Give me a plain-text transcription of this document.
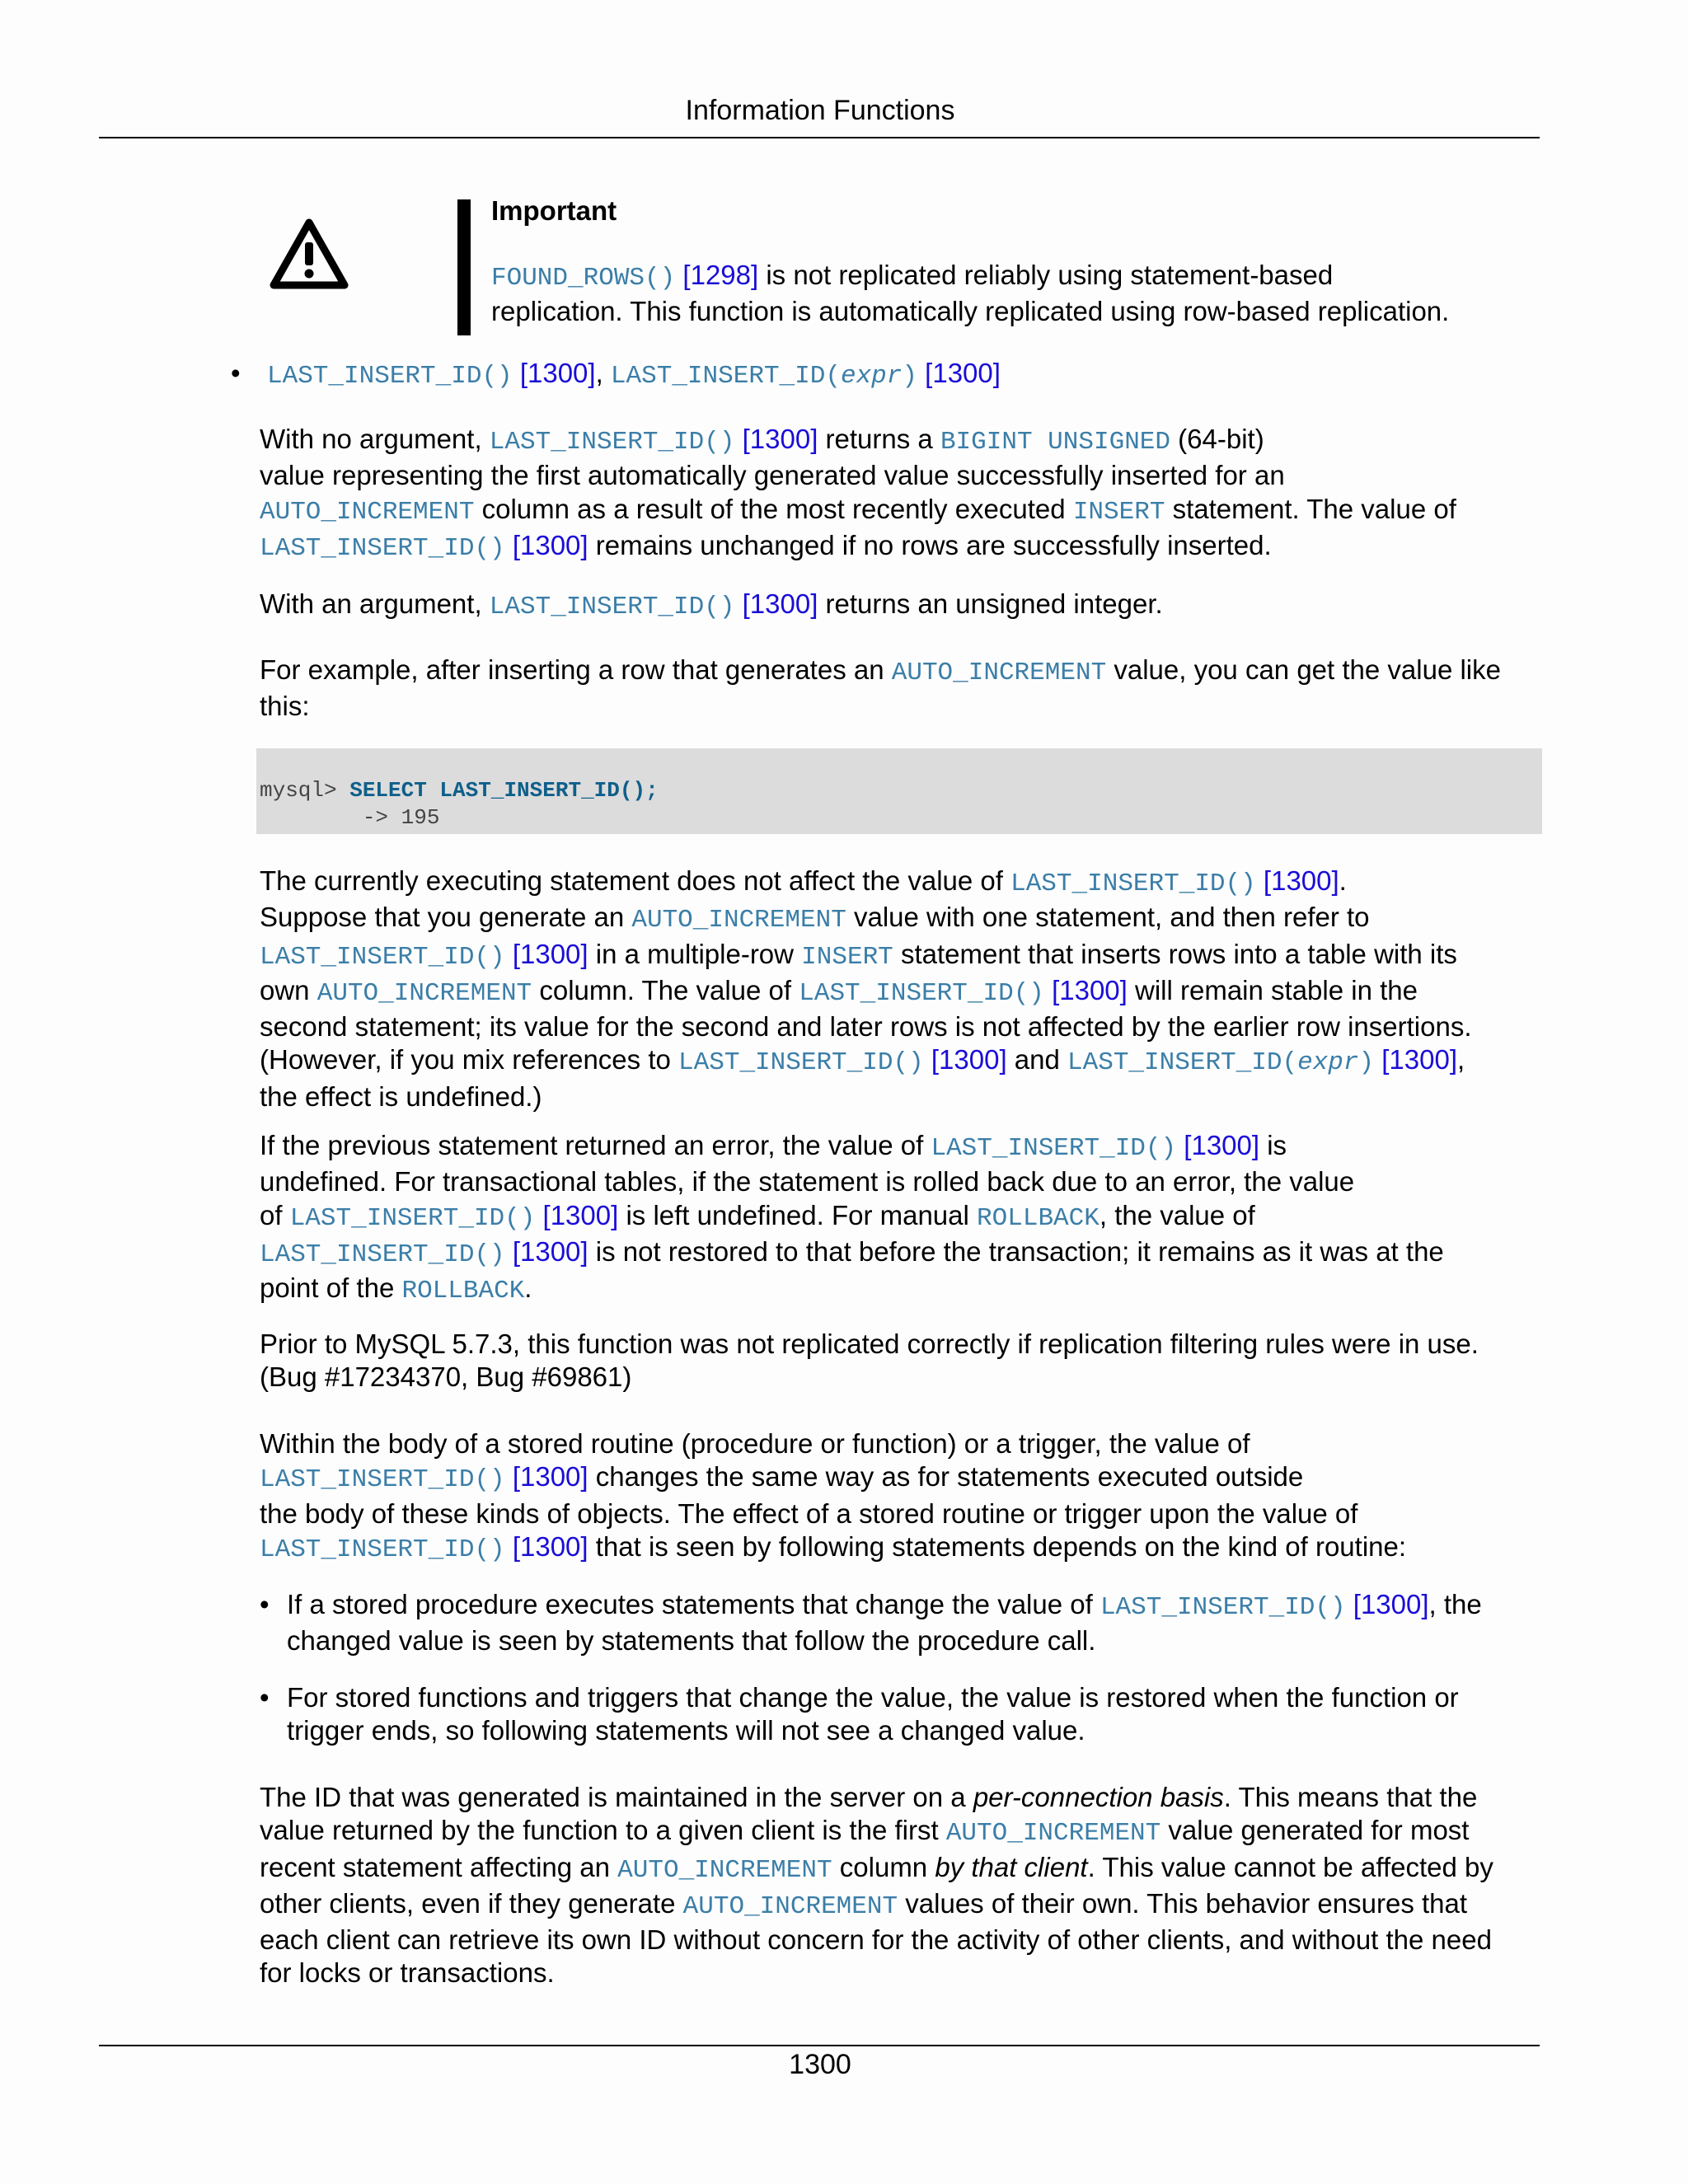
Information Functions
Important
FOUND_ROWS() [1298] is not replicated reliably using statement-based
replication. This function is automatically replicated using row-based replication.
• LAST_INSERT_ID() [1300], LAST_INSERT_ID(expr) [1300]
With no argument, LAST_INSERT_ID() [1300] returns a BIGINT UNSIGNED (64-bit)
value representing the first automatically generated value successfully inserted for an
AUTO_INCREMENT column as a result of the most recently executed INSERT statement. The value of
LAST_INSERT_ID() [1300] remains unchanged if no rows are successfully inserted.
With an argument, LAST_INSERT_ID() [1300] returns an unsigned integer.
For example, after inserting a row that generates an AUTO_INCREMENT value, you can get the value like
this:
mysql> SELECT LAST_INSERT_ID();
-> 195
The currently executing statement does not affect the value of LAST_INSERT_ID() [1300].
Suppose that you generate an AUTO_INCREMENT value with one statement, and then refer to
LAST_INSERT_ID() [1300] in a multiple-row INSERT statement that inserts rows into a table with its
own AUTO_INCREMENT column. The value of LAST_INSERT_ID() [1300] will remain stable in the
second statement; its value for the second and later rows is not affected by the earlier row insertions.
(However, if you mix references to LAST_INSERT_ID() [1300] and LAST_INSERT_ID(expr) [1300],
the effect is undefined.)
If the previous statement returned an error, the value of LAST_INSERT_ID() [1300] is
undefined. For transactional tables, if the statement is rolled back due to an error, the value
of LAST_INSERT_ID() [1300] is left undefined. For manual ROLLBACK, the value of
LAST_INSERT_ID() [1300] is not restored to that before the transaction; it remains as it was at the
point of the ROLLBACK.
Prior to MySQL 5.7.3, this function was not replicated correctly if replication filtering rules were in use.
(Bug #17234370, Bug #69861)
Within the body of a stored routine (procedure or function) or a trigger, the value of
LAST_INSERT_ID() [1300] changes the same way as for statements executed outside
the body of these kinds of objects. The effect of a stored routine or trigger upon the value of
LAST_INSERT_ID() [1300] that is seen by following statements depends on the kind of routine:
• If a stored procedure executes statements that change the value of LAST_INSERT_ID() [1300], the
changed value is seen by statements that follow the procedure call.
• For stored functions and triggers that change the value, the value is restored when the function or
trigger ends, so following statements will not see a changed value.
The ID that was generated is maintained in the server on a per-connection basis. This means that the
value returned by the function to a given client is the first AUTO_INCREMENT value generated for most
recent statement affecting an AUTO_INCREMENT column by that client. This value cannot be affected by
other clients, even if they generate AUTO_INCREMENT values of their own. This behavior ensures that
each client can retrieve its own ID without concern for the activity of other clients, and without the need
for locks or transactions.
1300
